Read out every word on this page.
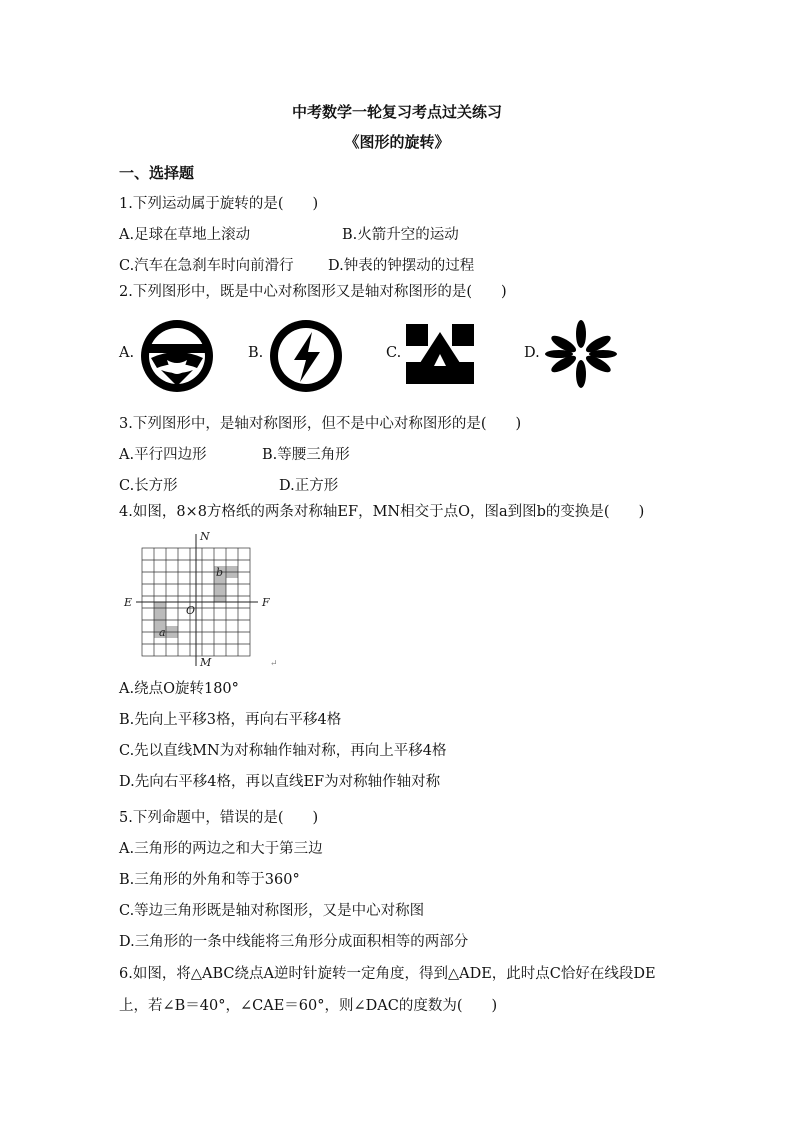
中考数学一轮复习考点过关练习
《图形的旋转》
一、选择题
1.下列运动属于旋转的是(　　)
A.足球在草地上滚动	B.火箭升空的运动
C.汽车在急刹车时向前滑行 D.钟表的钟摆动的过程
2.下列图形中，既是中心对称图形又是轴对称图形的是(　　)
A.	B.	C.	D.
3.下列图形中，是轴对称图形，但不是中心对称图形的是(　　)
A.平行四边形	B.等腰三角形
C.长方形	D.正方形
4.如图，8×8方格纸的两条对称轴EF，MN相交于点O，图a到图b的变换是(　　)
N
M
E	F
O
a
b
↵
A.绕点O旋转180°
B.先向上平移3格，再向右平移4格
C.先以直线MN为对称轴作轴对称，再向上平移4格
D.先向右平移4格，再以直线EF为对称轴作轴对称
5.下列命题中，错误的是(　　)
A.三角形的两边之和大于第三边
B.三角形的外角和等于360°
C.等边三角形既是轴对称图形，又是中心对称图
D.三角形的一条中线能将三角形分成面积相等的两部分
6.如图，将△ABC绕点A逆时针旋转一定角度，得到△ADE，此时点C恰好在线段DE
上，若∠B＝40°，∠CAE＝60°，则∠DAC的度数为(　　)
